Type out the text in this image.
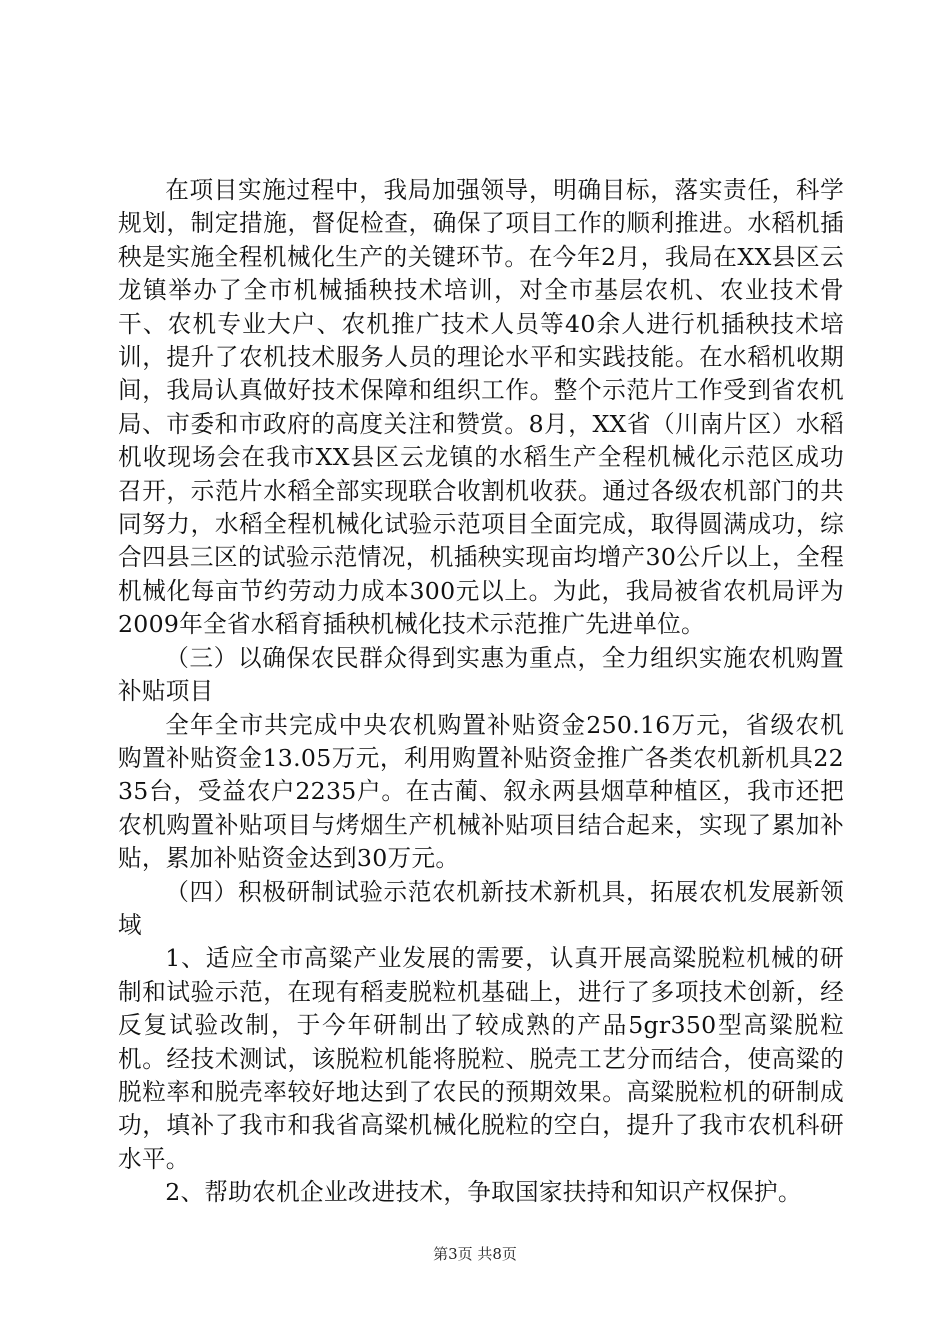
在项目实施过程中，我局加强领导，明确目标，落实责任，科学规划，制定措施，督促检查，确保了项目工作的顺利推进。水稻机插秧是实施全程机械化生产的关键环节。在今年2月，我局在XX县区云龙镇举办了全市机械插秧技术培训，对全市基层农机、农业技术骨干、农机专业大户、农机推广技术人员等40余人进行机插秧技术培训，提升了农机技术服务人员的理论水平和实践技能。在水稻机收期间，我局认真做好技术保障和组织工作。整个示范片工作受到省农机局、市委和市政府的高度关注和赞赏。8月，XX省（川南片区）水稻机收现场会在我市XX县区云龙镇的水稻生产全程机械化示范区成功召开，示范片水稻全部实现联合收割机收获。通过各级农机部门的共同努力，水稻全程机械化试验示范项目全面完成，取得圆满成功，综合四县三区的试验示范情况，机插秧实现亩均增产30公斤以上，全程机械化每亩节约劳动力成本300元以上。为此，我局被省农机局评为2009年全省水稻育插秧机械化技术示范推广先进单位。

（三）以确保农民群众得到实惠为重点，全力组织实施农机购置补贴项目

全年全市共完成中央农机购置补贴资金250.16万元，省级农机购置补贴资金13.05万元，利用购置补贴资金推广各类农机新机具2235台，受益农户2235户。在古蔺、叙永两县烟草种植区，我市还把农机购置补贴项目与烤烟生产机械补贴项目结合起来，实现了累加补贴，累加补贴资金达到30万元。

（四）积极研制试验示范农机新技术新机具，拓展农机发展新领域

1、适应全市高粱产业发展的需要，认真开展高粱脱粒机械的研制和试验示范，在现有稻麦脱粒机基础上，进行了多项技术创新，经反复试验改制，于今年研制出了较成熟的产品5gr350型高粱脱粒机。经技术测试，该脱粒机能将脱粒、脱壳工艺分而结合，使高粱的脱粒率和脱壳率较好地达到了农民的预期效果。高粱脱粒机的研制成功，填补了我市和我省高粱机械化脱粒的空白，提升了我市农机科研水平。

2、帮助农机企业改进技术，争取国家扶持和知识产权保护。

第3页 共8页
